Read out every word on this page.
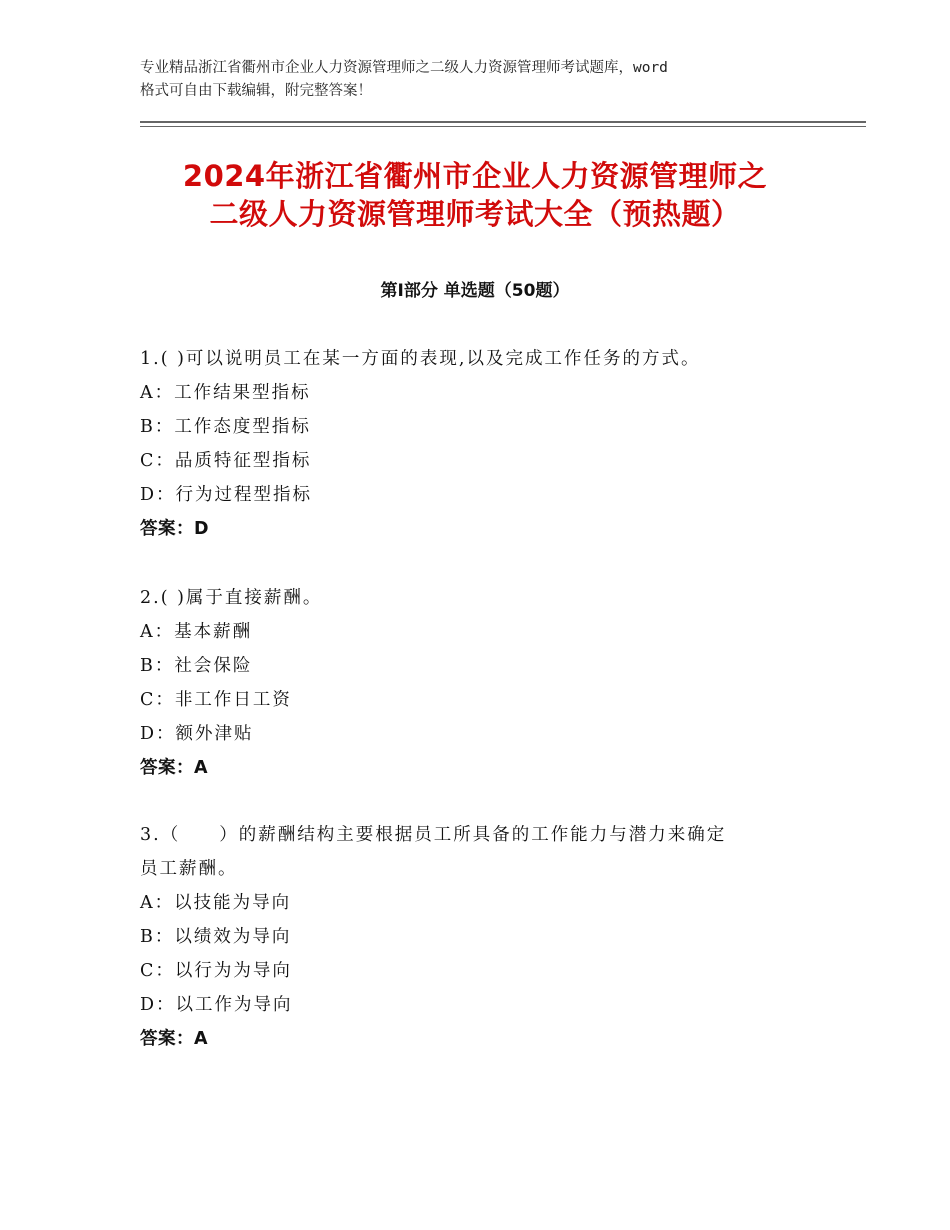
专业精品浙江省衢州市企业人力资源管理师之二级人力资源管理师考试题库，word
格式可自由下载编辑，附完整答案！
2024年浙江省衢州市企业人力资源管理师之
二级人力资源管理师考试大全（预热题）
第Ⅰ部分 单选题（50题）
1.( )可以说明员工在某一方面的表现,以及完成工作任务的方式。
A：工作结果型指标
B：工作态度型指标
C：品质特征型指标
D：行为过程型指标
答案：D
2.( )属于直接薪酬。
A：基本薪酬
B：社会保险
C：非工作日工资
D：额外津贴
答案：A
3.（　　）的薪酬结构主要根据员工所具备的工作能力与潜力来确定
员工薪酬。
A：以技能为导向
B：以绩效为导向
C：以行为为导向
D：以工作为导向
答案：A
